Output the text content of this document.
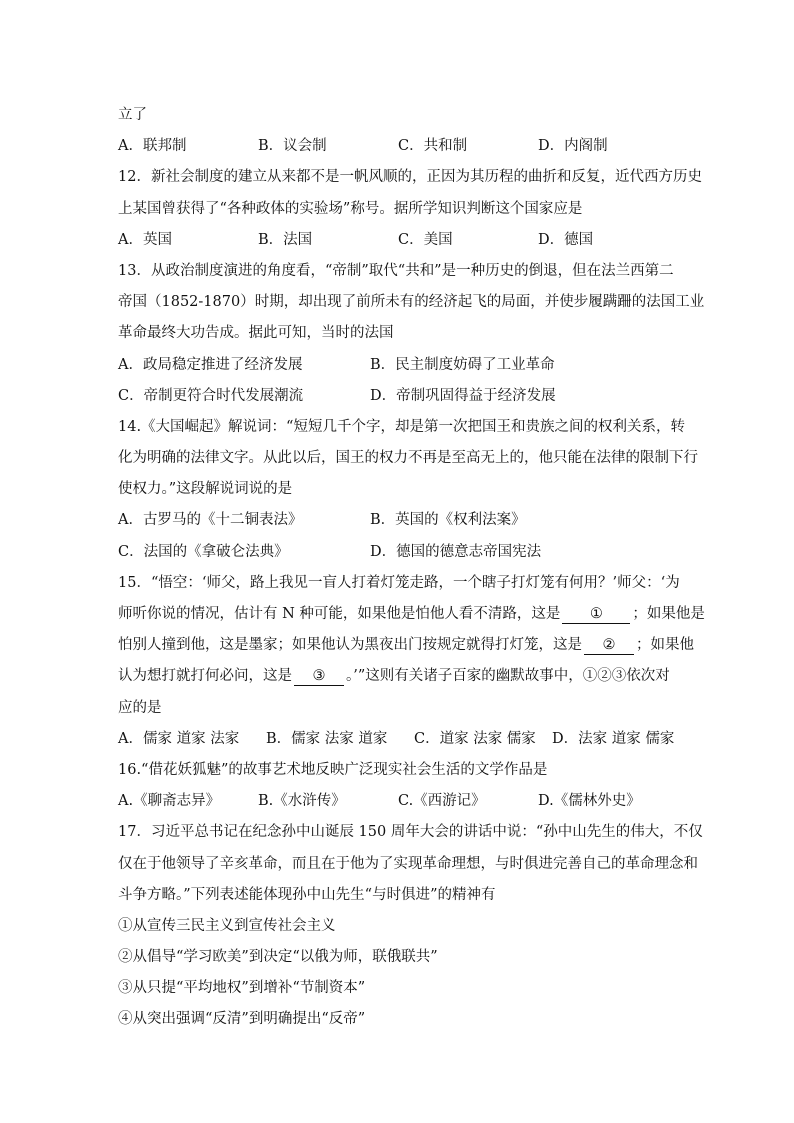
立了
A．联邦制	B．议会制	C．共和制	D．内阁制
12．新社会制度的建立从来都不是一帆风顺的，正因为其历程的曲折和反复，近代西方历史
上某国曾获得了“各种政体的实验场”称号。据所学知识判断这个国家应是
A．英国	B．法国	C．美国	D．德国
13．从政治制度演进的角度看，“帝制”取代“共和”是一种历史的倒退，但在法兰西第二
帝国（1852-1870）时期，却出现了前所未有的经济起飞的局面，并使步履蹒跚的法国工业
革命最终大功告成。据此可知，当时的法国
A．政局稳定推进了经济发展	B．民主制度妨碍了工业革命
C．帝制更符合时代发展潮流	D．帝制巩固得益于经济发展
14.《大国崛起》解说词：“短短几千个字，却是第一次把国王和贵族之间的权利关系，转
化为明确的法律文字。从此以后，国王的权力不再是至高无上的，他只能在法律的限制下行
使权力。”这段解说词说的是
A．古罗马的《十二铜表法》	B．英国的《权利法案》
C．法国的《拿破仑法典》	D．德国的德意志帝国宪法
15．“悟空：‘师父，路上我见一盲人打着灯笼走路，一个瞎子打灯笼有何用？’师父：‘为
师听你说的情况，估计有 N 种可能，如果他是怕他人看不清路，这是 ① ；如果他是
怕别人撞到他，这是墨家；如果他认为黑夜出门按规定就得打灯笼，这是 ② ；如果他
认为想打就打何必问，这是 ③ 。’”这则有关诸子百家的幽默故事中，①②③依次对
应的是
A．儒家 道家 法家	B．儒家 法家 道家	C．道家 法家 儒家	D．法家 道家 儒家
16.“借花妖狐魅”的故事艺术地反映广泛现实社会生活的文学作品是
A.《聊斋志异》	B.《水浒传》	C.《西游记》	D.《儒林外史》
17．习近平总书记在纪念孙中山诞辰 150 周年大会的讲话中说：“孙中山先生的伟大，不仅
仅在于他领导了辛亥革命，而且在于他为了实现革命理想，与时俱进完善自己的革命理念和
斗争方略。”下列表述能体现孙中山先生“与时俱进”的精神有
①从宣传三民主义到宣传社会主义
②从倡导“学习欧美”到决定“以俄为师，联俄联共”
③从只提“平均地权”到增补“节制资本”
④从突出强调“反清”到明确提出“反帝”
